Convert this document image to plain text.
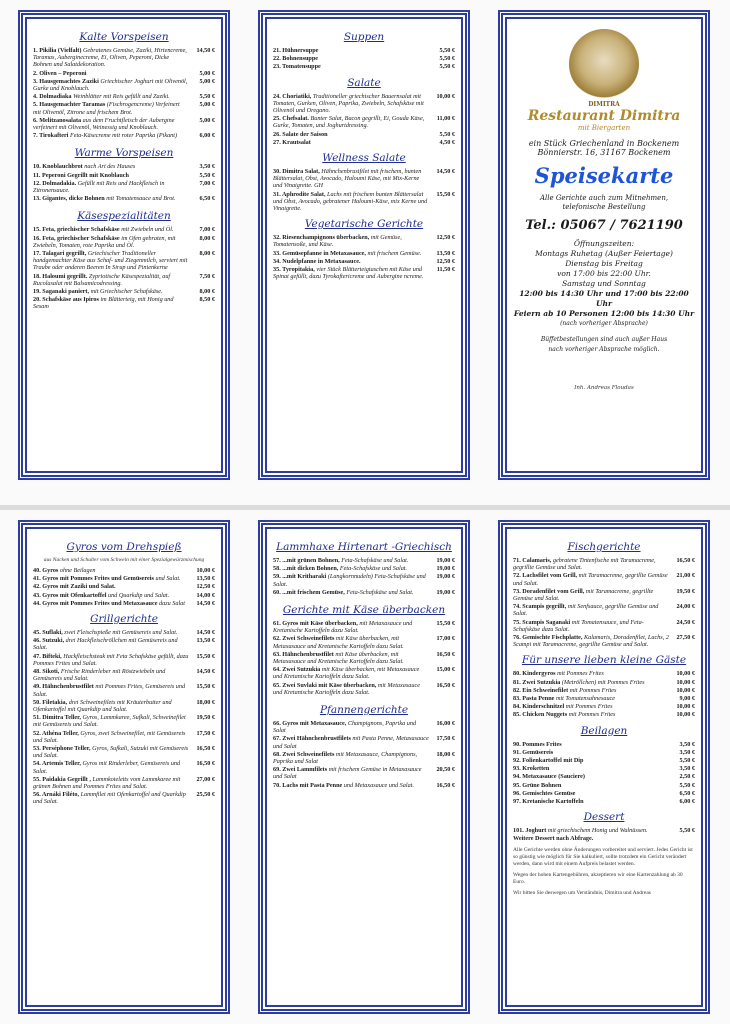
Kalte Vorspeisen
1. Pikilia (Vielfalt) Gebratenes Gemüse, Zaziki, Hirtencreme, Taramas, Auberginecreme, Ei, Oliven, Peperoni, Dicke Bohnen und Salatdekoration.
14,50 €
2. Oliven – Peperoni	5,00 €
3. Hausgemachtes Zaziki Griechischer Joghurt mit Olivenöl, Gurke und Knoblauch.
5,00 €
4. Dolmadiaka Weinblätter mit Reis gefüllt und Zaziki.	5,50 €
5. Hausgemachter Taramas (Fischrogencreme) Verfeinert mit Olivenöl, Zitrone und frischem Brot.
5,00 €
6. Melitzanosalata aus dem Fruchtfleisch der Aubergine verfeinert mit Olivenöl, Weinessig und Knoblauch.
5,00 €
7. Tirokafteri Feta-Käsecreme mit roter Paprika (Pikant)	6,00 €
Warme Vorspeisen
10. Knoblauchbrot nach Art des Hauses	3,50 €
11. Peperoni Gegrillt mit Knoblauch	5,50 €
12. Dolmadakia. Gefüllt mit Reis und Hackfleisch in Zitronensauce.
7,00 €
13. Gigantes, dicke Bohnen mit Tomatensauce und Brot.	6,50 €
Käsespezialitäten
15. Feta, griechischer Schafskäse mit Zwiebeln und Öl.	7,00 €
16. Feta, griechischer Schafskäse im Ofen gebraten, mit Zwiebeln, Tomaten, rote Paprika und Öl.
8,00 €
17. Talagari gegrillt, Griechischer Traditioneller handgemachter Käse aus Schaf- und Ziegenmilch, serviert mit Traube oder anderen Beeren In Sirup und Pinienkerne
8,00 €
18. Haloumi gegrillt. Zypriotische Käsespezialität, auf Rucolasalat mit Balsamicodressing.
7,50 €
19. Saganaki paniert, mit Griechischer Schafskäse.	8,00 €
20. Schafskäse aus Ipiros im Blätterteig, mit Honig und Sesam
8,50 €
Suppen
21. Hühnersuppe	5,50 €
22. Bohnensuppe	5,50 €
23. Tomatensuppe	5,50 €
Salate
24. Choriatiki, Traditioneller griechischer Bauernsalat mit Tomaten, Gurken, Oliven, Paprika, Zwiebeln, Schafskäse mit Olivenöl und Oregano.
10,00 €
25. Chefsalat. Bunter Salat, Bacon gegrillt, Ei, Gouda Käse, Gurke, Tomaten, und Joghurtdressing.
11,00 €
26. Salate der Saison	5,50 €
27. Krautsalat	4,50 €
Wellness Salate
30. Dimitra Salat, Hähnchenbrustfilet mit frischem, bunten Blättersalat, Obst, Avocado, Haloumi Käse, mit Mix-Kerne und Vinaigrette. GH
14,50 €
31. Aphrodite Salat, Lachs mit frischem bunten Blättersalat und Obst, Avocado, gebratener Haloumi-Käse, mix Kerne und Vinaigrette.
15,50 €
Vegetarische Gerichte
32. Riesenchampignons überbacken, mit Gemüse, Tomatensoße, und Käse.
12,50 €
33. Gemüsepfanne in Metaxasauce, mit frischem Gemüse. 13,50 €
34. Nudelpfanne in Metaxasauce.	12,50 €
35. Tyropitakia, vier Stück Blätterteigtaschen mit Käse und Spinat gefüllt, dazu Tyrokaftericreme und Aubergine ncreme.
11,50 €
DIMITRA
Restaurant Dimitra
mit Biergarten
ein Stück Griechenland in Bockenem
Bönnierstr. 16, 31167 Bockenem
Speisekarte
Alle Gerichte auch zum Mitnehmen,
telefonische Bestellung
Tel.: 05067 / 7621190
Öffnungszeiten:
Montags Ruhetag (Außer Feiertage)
Dienstag bis Freitag
von 17:00 bis 22:00 Uhr.
Samstag und Sonntag
12:00 bis 14:30 Uhr und 17:00 bis 22:00 Uhr
Feiern ab 10 Personen 12:00 bis 14:30 Uhr
(nach vorheriger Absprache)
Büffetbestellungen sind auch außer Haus
nach vorheriger Absprache möglich.
Inh. Andreas Floudas
Gyros vom Drehspieß
aus Nacken und Schulter vom Schwein mit einer Spezialgewürzmischung
40. Gyros ohne Beilagen	10,00 €
41. Gyros mit Pommes Frites und Gemüsereis und Salat.	13,50 €
42. Gyros mit Zaziki und Salat.	12,50 €
43. Gyros mit Ofenkartoffel und Quarkdip und Salat.	14,00 €
44. Gyros mit Pommes Frites und Metaxasauce dazu Salat 14,50 €
Grillgerichte
45. Suflaki, zwei Fleischspieße mit Gemüsereis und Salat.	14,50 €
46. Sutzuki, drei Hackfleischröllchen mit Gemüsereis und Salat.
13,50 €
47. Bifteki, Hackfleischsteak mit Feta Schafskäse gefüllt, dazu Pommes Frites und Salat.
15,50 €
48. Sikoti, Frische Rinderleber mit Röstzwiebeln und Gemüsereis und Salat.
14,50 €
49. Hähnchenbrustfilet mit Pommes Frites, Gemüsereis und Salat.
15,50 €
50. Filetakia, drei Schweinefilets mit Kräuterbutter und Ofenkartoffel mit Quarkdip und Salat.
18,00 €
51. Dimitra Teller, Gyros, Lammkaree, Sufkali, Schweinefilet mit Gemüsereis und Salat.
19,50 €
52. Athéna Teller, Gyros, zwei Schweinefilet, mit Gemüsereis und Salat.
17,50 €
53. Perséphone Teller, Gyros, Sufkali, Sutzuki mit Gemüsereis und Salat.
16,50 €
54. Artemis Teller, Gyros mit Rinderleber, Gemüsereis und Salat.
16,50 €
55. Paidakia Gegrillt , Lammkoteletts vom Lammkaree mit grünen Bohnen und Pommes Frites und Salat.
27,00 €
56. Arnáki Filéto, Lammfilet mit Ofenkartoffel und Quarkdip und Salat.
25,50 €
Lammhaxe Hirtenart -Griechisch
57. ...mit grünen Bohnen, Feta-Schafskäse und Salat.	19,00 €
58. ...mit dicken Bohnen, Feta-Schafskäse und Salat.	19,00 €
59. ...mit Kritharaki (Langkornnudeln) Feta-Schafskäse und Salat.
19,00 €
60. ...mit frischem Gemüse, Feta-Schafskäse und Salat.	19,00 €
Gerichte mit Käse überbacken
61. Gyros mit Käse überbacken, mit Metaxasauce und Kretanische Kartoffeln dazu Salat.
15,50 €
62. Zwei Schweinefilets mit Käse überbacken, mit Metaxasauce und Kretanische Kartoffeln dazu Salat.
17,00 €
63. Hähnchenbrustfilet mit Käse überbacken, mit Metaxasauce und Kretanische Kartoffeln dazu Salat.
16,50 €
64. Zwei Sutzukia mit Käse überbacken, mit Metaxasauce und Kretanische Kartoffeln dazu Salat.
15,00 €
65. Zwei Suvlaki mit Käse überbacken, mit Metaxasauce und Kretanische Kartoffeln dazu Salat.
16,50 €
Pfannengerichte
66. Gyros mit Metaxasauce, Champignons, Paprika und Salat
16,00 €
67. Zwei Hähnchenbrustfilets mit Pasta Penne, Metaxasauce und Salat
17,50 €
68. Zwei Schweinefilets mit Metaxasauce, Champignons, Paprika und Salat
18,00 €
69. Zwei Lammfilets mit frischem Gemüse in Metaxasauce und Salat
20,50 €
70. Lachs mit Pasta Penne und Metaxasauce und Salat.	16,50 €
Fischgerichte
71. Calamaris, gebratene Tintenfische mit Taramacreme, gegrillte Gemüse und Salat.
16,50 €
72. Lachsfilet vom Grill, mit Taramacreme, gegrillte Gemüse und Salat.
21,00 €
73. Doradenfilet vom Grill, mit Taramacreme, gegrillte Gemüse und Salat.
19,50 €
74. Scampis gegrillt, mit Senfsauce, gegrillte Gemüse und Salat.
24,00 €
75. Scampis Saganaki mit Tomatensauce, und Feta-Schafskäse dazu Salat.
24,50 €
76. Gemischte Fischplatte, Kalamaris, Doradenfilet, Lachs, 2 Scampi mit Taramacreme, gegrillte Gemüse und Salat.
27,50 €
Für unsere lieben kleine Gäste
80. Kindergyros mit Pommes Frites	10,00 €
81. Zwei Sutzukia (Metröllchen) mit Pommes Frites	10,00 €
82. Ein Schweinefilet mit Pommes Frites	10,00 €
83. Pasta Penne mit Tomatensahnesauce	9,00 €
84. Kinderschnitzel mit Pommes Frites	10,00 €
85. Chicken Nuggets mit Pommes Frites	10,00 €
Beilagen
90. Pommes Frites	3,50 €
91. Gemüsereis	3,50 €
92. Folienkartoffel mit Dip	5,50 €
93. Kroketten	3,50 €
94. Metaxasauce (Sauciere)	2,50 €
95. Grüne Bohnen	5,50 €
96. Gemischtes Gemüse	6,50 €
97. Kretanische Kartoffeln	6,00 €
Dessert
101. Joghurt mit griechischem Honig und Walnüssen.	5,50 €
Weitere Dessert nach Abfrage.
Alle Gerichte werden ohne Änderungen vorbereitet und serviert. Jedes Gericht ist so günstig wie möglich für Sie kalkuliert, sollte trotzdem ein Gericht verändert werden, dann wird mit einem Aufpreis belastet werden.
Wegen der hohen Kartengebühren, akzeptieren wir eine Kartenzahlung ab 30 Euro.
Wir bitten Sie deswegen um Verständnis, Dimitra und Andreas
